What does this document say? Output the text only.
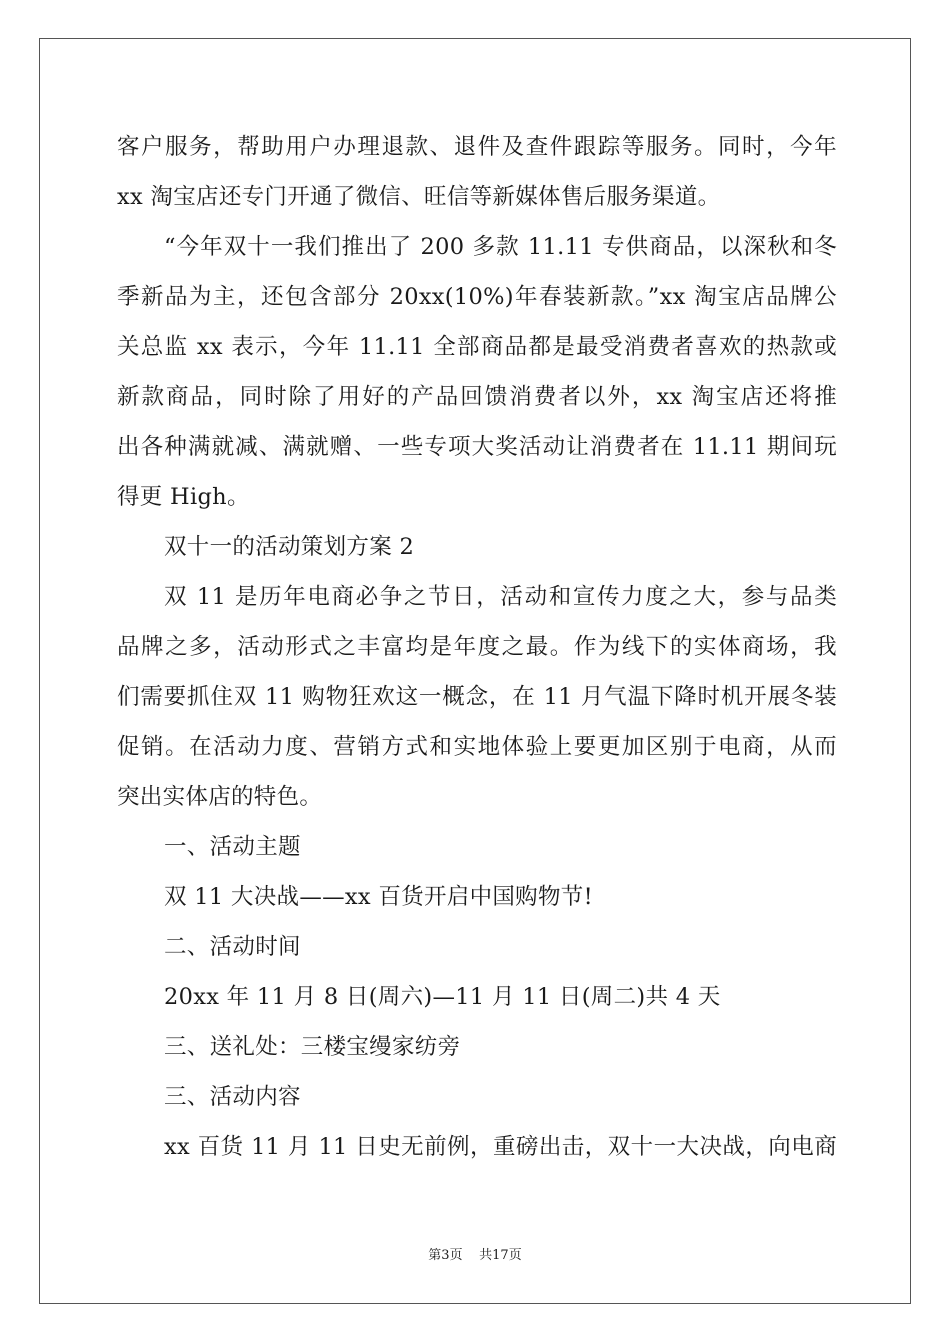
客户服务，帮助用户办理退款、退件及查件跟踪等服务。同时，今年
xx 淘宝店还专门开通了微信、旺信等新媒体售后服务渠道。
“今年双十一我们推出了 200 多款 11.11 专供商品，以深秋和冬
季新品为主，还包含部分 20xx(10%)年春装新款。”xx 淘宝店品牌公
关总监 xx 表示，今年 11.11 全部商品都是最受消费者喜欢的热款或
新款商品，同时除了用好的产品回馈消费者以外，xx 淘宝店还将推
出各种满就减、满就赠、一些专项大奖活动让消费者在 11.11 期间玩
得更 High。
双十一的活动策划方案 2
双 11 是历年电商必争之节日，活动和宣传力度之大，参与品类
品牌之多，活动形式之丰富均是年度之最。作为线下的实体商场，我
们需要抓住双 11 购物狂欢这一概念，在 11 月气温下降时机开展冬装
促销。在活动力度、营销方式和实地体验上要更加区别于电商，从而
突出实体店的特色。
一、活动主题
双 11 大决战——xx 百货开启中国购物节!
二、活动时间
20xx 年 11 月 8 日(周六)—11 月 11 日(周二)共 4 天
三、送礼处：三楼宝缦家纺旁
三、活动内容
xx 百货 11 月 11 日史无前例，重磅出击，双十一大决战，向电商
第3页 共17页
